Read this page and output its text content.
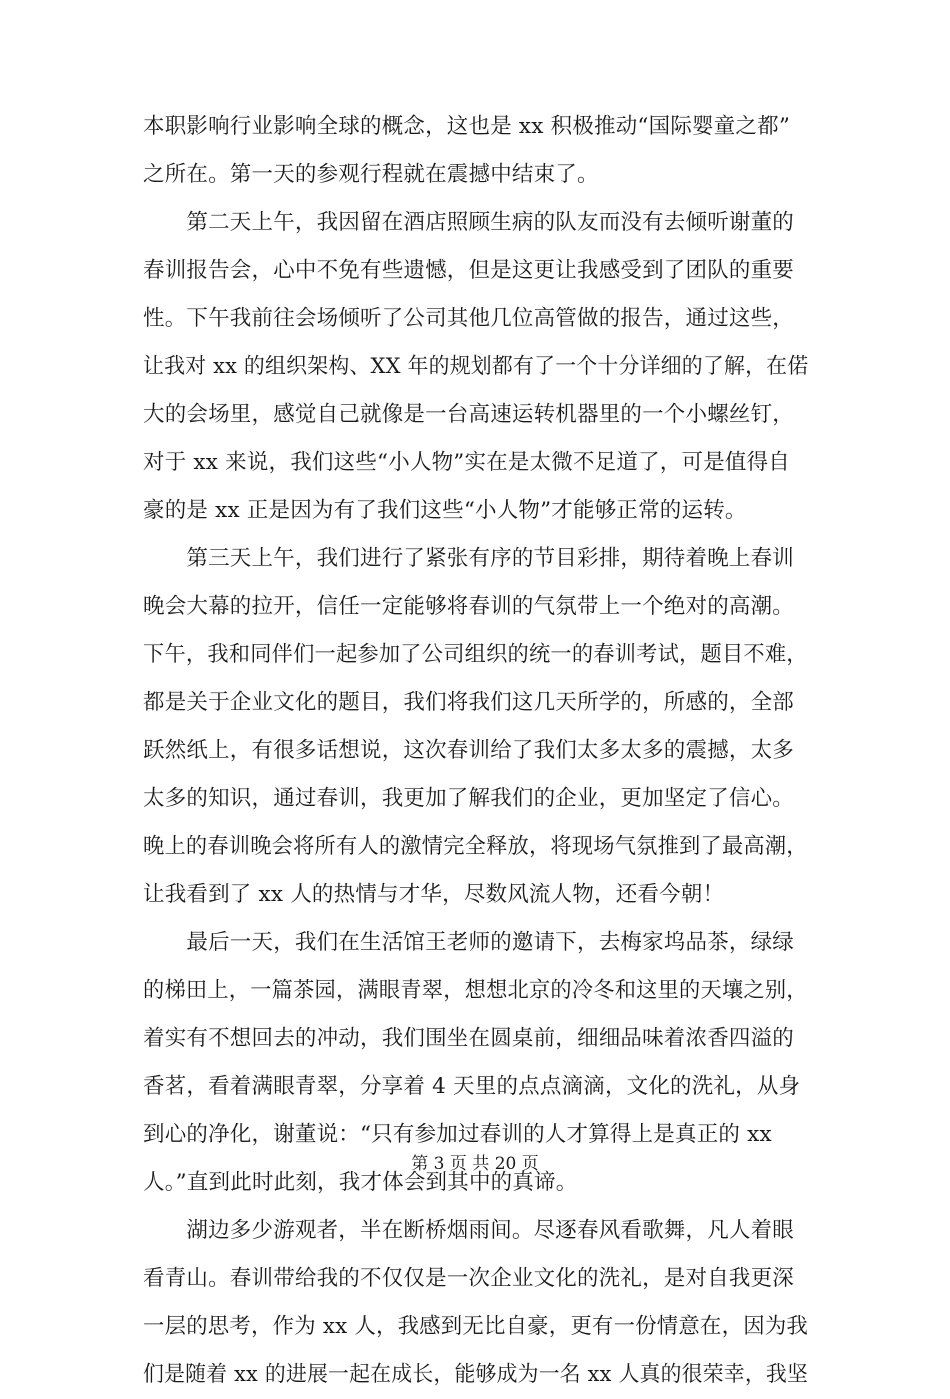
本职影响行业影响全球的概念，这也是 xx 积极推动“国际婴童之都”
之所在。第一天的参观行程就在震撼中结束了。
　　第二天上午，我因留在酒店照顾生病的队友而没有去倾听谢董的
春训报告会，心中不免有些遗憾，但是这更让我感受到了团队的重要
性。下午我前往会场倾听了公司其他几位高管做的报告，通过这些，
让我对 xx 的组织架构、XX 年的规划都有了一个十分详细的了解，在偌
大的会场里，感觉自己就像是一台高速运转机器里的一个小螺丝钉，
对于 xx 来说，我们这些“小人物”实在是太微不足道了，可是值得自
豪的是 xx 正是因为有了我们这些“小人物”才能够正常的运转。
　　第三天上午，我们进行了紧张有序的节目彩排，期待着晚上春训
晚会大幕的拉开，信任一定能够将春训的气氛带上一个绝对的高潮。
下午，我和同伴们一起参加了公司组织的统一的春训考试，题目不难，
都是关于企业文化的题目，我们将我们这几天所学的，所感的，全部
跃然纸上，有很多话想说，这次春训给了我们太多太多的震撼，太多
太多的知识，通过春训，我更加了解我们的企业，更加坚定了信心。
晚上的春训晚会将所有人的激情完全释放，将现场气氛推到了最高潮，
让我看到了 xx 人的热情与才华，尽数风流人物，还看今朝！
　　最后一天，我们在生活馆王老师的邀请下，去梅家坞品茶，绿绿
的梯田上，一篇茶园，满眼青翠，想想北京的冷冬和这里的天壤之别，
着实有不想回去的冲动，我们围坐在圆桌前，细细品味着浓香四溢的
香茗，看着满眼青翠，分享着 4 天里的点点滴滴，文化的洗礼，从身
到心的净化，谢董说：“只有参加过春训的人才算得上是真正的 xx
人。”直到此时此刻，我才体会到其中的真谛。
　　湖边多少游观者，半在断桥烟雨间。尽逐春风看歌舞，凡人着眼
看青山。春训带给我的不仅仅是一次企业文化的洗礼，是对自我更深
一层的思考，作为 xx 人，我感到无比自豪，更有一份情意在，因为我
们是随着 xx 的进展一起在成长，能够成为一名 xx 人真的很荣幸，我坚
第 3 页 共 20 页
